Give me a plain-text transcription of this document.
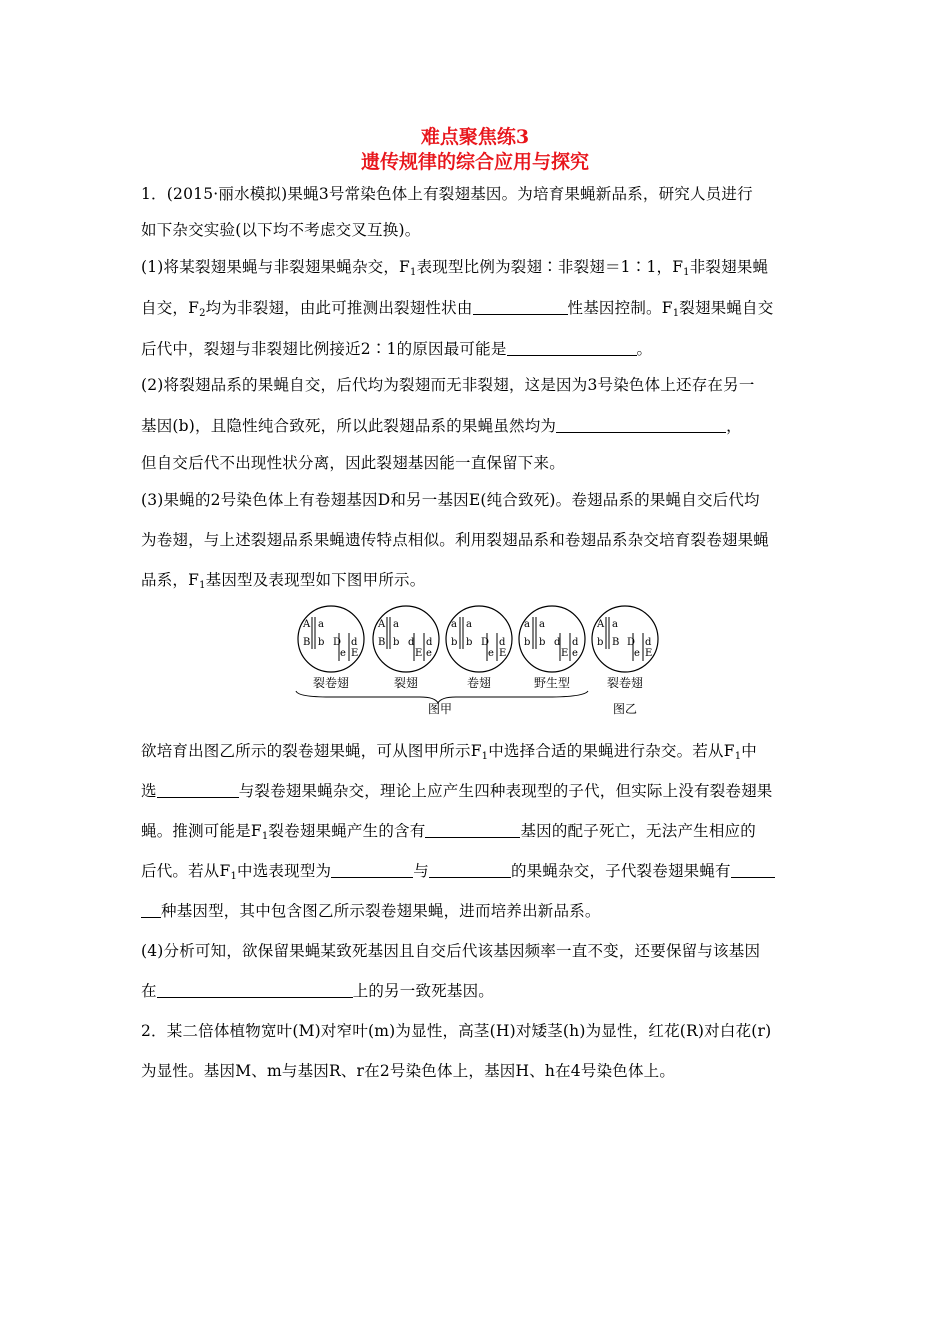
难点聚焦练3
遗传规律的综合应用与探究
1．(2015·丽水模拟)果蝇3号常染色体上有裂翅基因。为培育果蝇新品系，研究人员进行
如下杂交实验(以下均不考虑交叉互换)。
(1)将某裂翅果蝇与非裂翅果蝇杂交，$F_1$表现型比例为裂翅∶非裂翅＝1∶1，$F_1$非裂翅果蝇
自交，$F_2$均为非裂翅，由此可推测出裂翅性状由	性基因控制。$F_1$裂翅果蝇自交
后代中，裂翅与非裂翅比例接近2∶1的原因最可能是	。
(2)将裂翅品系的果蝇自交，后代均为裂翅而无非裂翅，这是因为3号染色体上还存在另一
基因(b)，且隐性纯合致死，所以此裂翅品系的果蝇虽然均为	，
但自交后代不出现性状分离，因此裂翅基因能一直保留下来。
(3)果蝇的2号染色体上有卷翅基因D和另一基因E(纯合致死)。卷翅品系的果蝇自交后代均
为卷翅，与上述裂翅品系果蝇遗传特点相似。利用裂翅品系和卷翅品系杂交培育裂卷翅果蝇
品系，$F_1$基因型及表现型如下图甲所示。
A
B
a
b D
e
d
E
裂卷翅
A
B
a
b d
E
d
e
裂翅
a
b
a
b D
e
d
E
卷翅
a
b
a
b d
E
d
e
野生型
A
b
a
B D
e
d
E
裂卷翅
图甲	图乙
欲培育出图乙所示的裂卷翅果蝇，可从图甲所示$F_1$中选择合适的果蝇进行杂交。若从$F_1$中
选	与裂卷翅果蝇杂交，理论上应产生四种表现型的子代，但实际上没有裂卷翅果
蝇。推测可能是$F_1$裂卷翅果蝇产生的含有	基因的配子死亡，无法产生相应的
后代。若从$F_1$中选表现型为	与	的果蝇杂交，子代裂卷翅果蝇有
种基因型，其中包含图乙所示裂卷翅果蝇，进而培养出新品系。
(4)分析可知，欲保留果蝇某致死基因且自交后代该基因频率一直不变，还要保留与该基因
在	上的另一致死基因。
2．某二倍体植物宽叶(M)对窄叶(m)为显性，高茎(H)对矮茎(h)为显性，红花(R)对白花(r)
为显性。基因M、m与基因R、r在2号染色体上，基因H、h在4号染色体上。
